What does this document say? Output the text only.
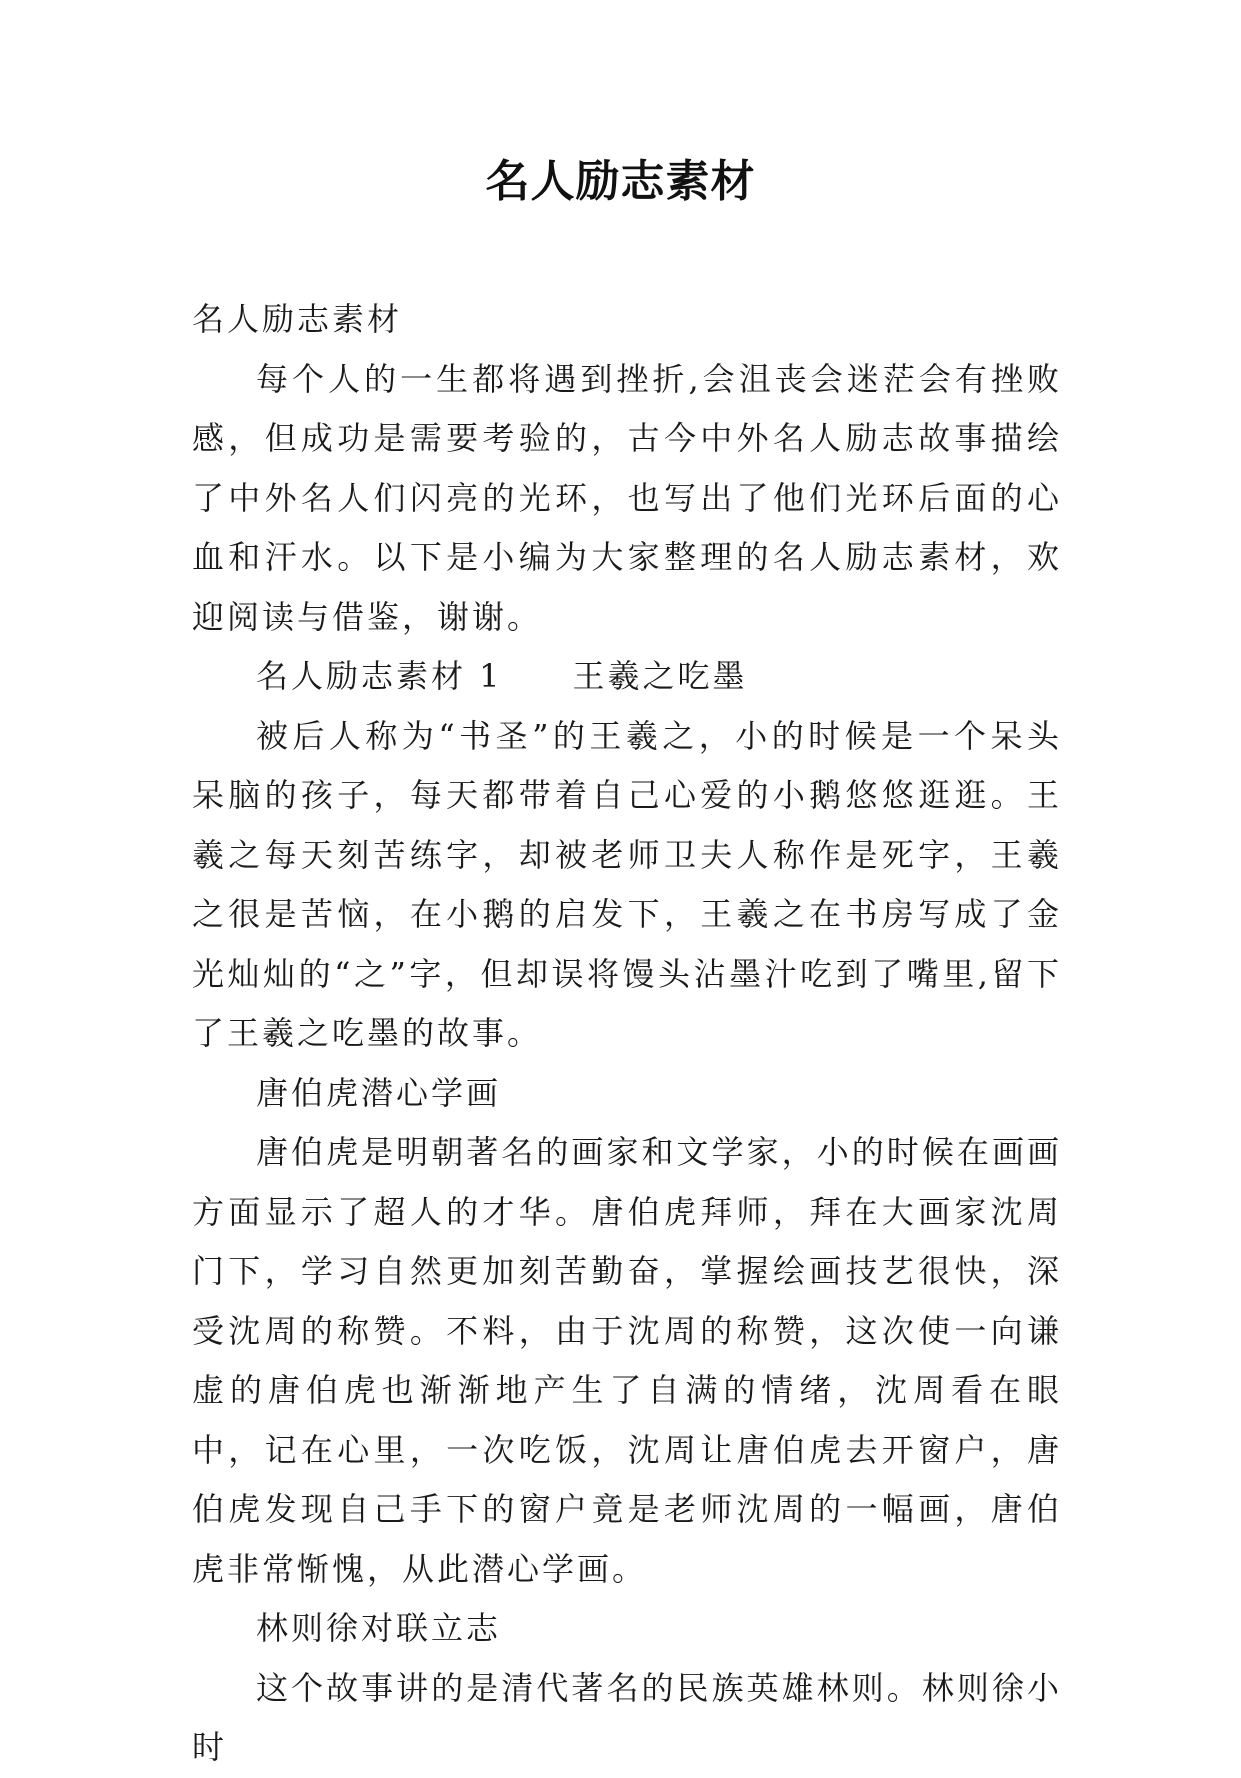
名人励志素材

名人励志素材

每个人的一生都将遇到挫折,会沮丧会迷茫会有挫败感，但成功是需要考验的，古今中外名人励志故事描绘了中外名人们闪亮的光环，也写出了他们光环后面的心血和汗水。以下是小编为大家整理的名人励志素材，欢迎阅读与借鉴，谢谢。

名人励志素材 1　　王羲之吃墨

被后人称为“书圣”的王羲之，小的时候是一个呆头呆脑的孩子，每天都带着自己心爱的小鹅悠悠逛逛。王羲之每天刻苦练字，却被老师卫夫人称作是死字，王羲之很是苦恼，在小鹅的启发下，王羲之在书房写成了金光灿灿的“之”字，但却误将馒头沾墨汁吃到了嘴里,留下了王羲之吃墨的故事。

唐伯虎潜心学画

唐伯虎是明朝著名的画家和文学家，小的时候在画画方面显示了超人的才华。唐伯虎拜师，拜在大画家沈周门下，学习自然更加刻苦勤奋，掌握绘画技艺很快，深受沈周的称赞。不料，由于沈周的称赞，这次使一向谦虚的唐伯虎也渐渐地产生了自满的情绪，沈周看在眼中，记在心里，一次吃饭，沈周让唐伯虎去开窗户，唐伯虎发现自己手下的窗户竟是老师沈周的一幅画，唐伯虎非常惭愧，从此潜心学画。

林则徐对联立志

这个故事讲的是清代著名的民族英雄林则。林则徐小时
